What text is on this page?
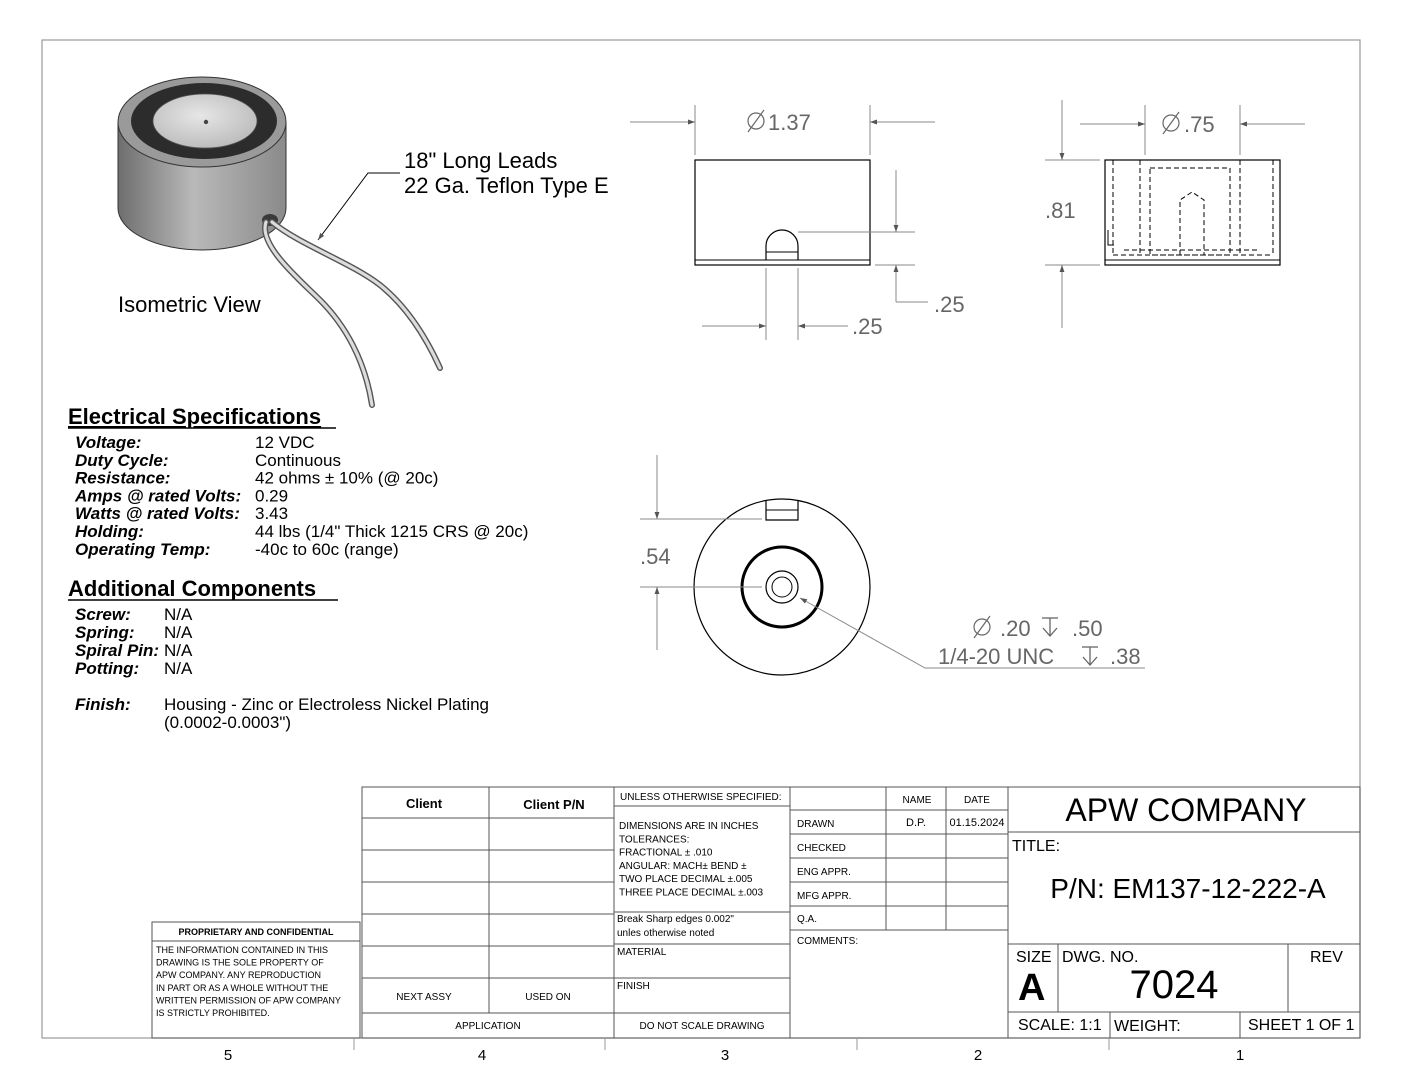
18" Long Leads
22 Ga. Teflon Type E
Isometric View
1.37
.25
.25
.75
.81
.54
.20 .50
1/4-20 UNC	.38
Electrical Specifications
Voltage:	12 VDC
Duty Cycle:	Continuous
Resistance:	42 ohms ± 10% (@ 20c)
Amps @ rated Volts: 0.29
Watts @ rated Volts: 3.43
Holding:	44 lbs (1/4" Thick 1215 CRS @ 20c)
Operating Temp:	-40c to 60c (range)
Additional Components
Screw: N/A
Spring: N/A
Spiral Pin: N/A
Potting: N/A
Finish: Housing - Zinc or Electroless Nickel Plating
(0.0002-0.0003")
PROPRIETARY AND CONFIDENTIAL
THE INFORMATION CONTAINED IN THIS
DRAWING IS THE SOLE PROPERTY OF
APW COMPANY. ANY REPRODUCTION
IN PART OR AS A WHOLE WITHOUT THE
WRITTEN PERMISSION OF APW COMPANY
IS STRICTLY PROHIBITED.
Client	Client P/N
NEXT ASSY	USED ON
APPLICATION
UNLESS OTHERWISE SPECIFIED:
DIMENSIONS ARE IN INCHES
TOLERANCES:
FRACTIONAL ± .010
ANGULAR: MACH± BEND ±
TWO PLACE DECIMAL ±.005
THREE PLACE DECIMAL ±.003
Break Sharp edges 0.002"
unles otherwise noted
MATERIAL
FINISH
DO NOT SCALE DRAWING
NAME	DATE
DRAWN	D.P. 01.15.2024
CHECKED
ENG APPR.
MFG APPR.
Q.A.
COMMENTS:
APW COMPANY
TITLE:
P/N: EM137-12-222-A
SIZE
A
DWG. NO.
7024
REV
SCALE: 1:1 WEIGHT:	SHEET 1 OF 1
5	4	3	2	1
